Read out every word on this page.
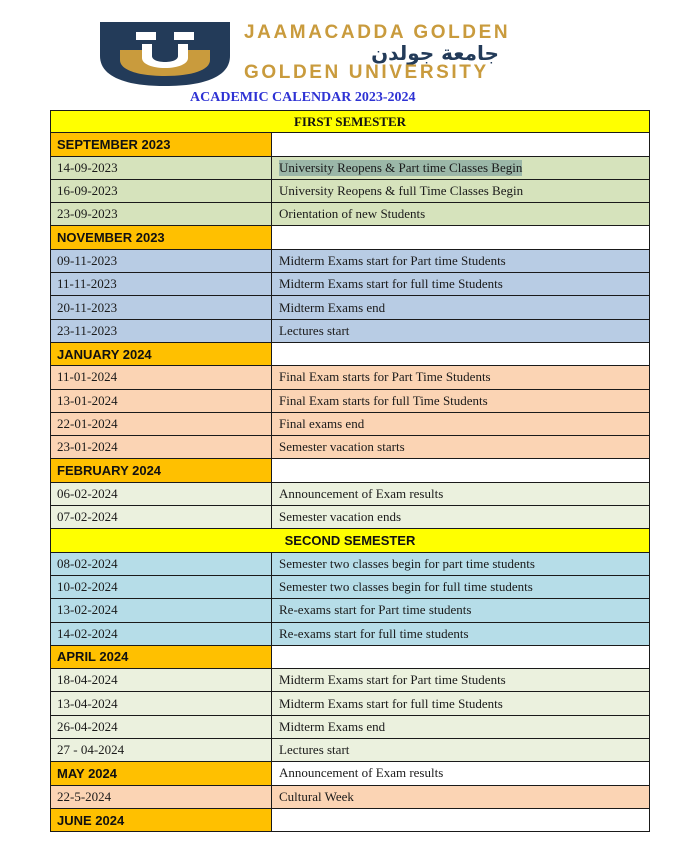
JAAMACADDA GOLDEN
جامعة جولدن
GOLDEN UNIVERSITY
ACADEMIC CALENDAR 2023-2024
FIRST SEMESTER
SEPTEMBER 2023
14-09-2023	University Reopens & Part time Classes Begin
16-09-2023	University Reopens & full Time Classes Begin
23-09-2023	Orientation of new Students
NOVEMBER 2023
09-11-2023	Midterm Exams start for Part time Students
11-11-2023	Midterm Exams start for full time Students
20-11-2023	Midterm Exams end
23-11-2023	Lectures start
JANUARY 2024
11-01-2024	Final Exam starts for Part Time Students
13-01-2024	Final Exam starts for full Time Students
22-01-2024	Final exams end
23-01-2024	Semester vacation starts
FEBRUARY 2024
06-02-2024	Announcement of Exam results
07-02-2024	Semester vacation ends
SECOND SEMESTER
08-02-2024	Semester two classes begin for part time students
10-02-2024	Semester two classes begin for full time students
13-02-2024	Re-exams start for Part time students
14-02-2024	Re-exams start for full time students
APRIL 2024
18-04-2024	Midterm Exams start for Part time Students
13-04-2024	Midterm Exams start for full time Students
26-04-2024	Midterm Exams end
27 - 04-2024	Lectures start
MAY 2024	Announcement of Exam results
22-5-2024	Cultural Week
JUNE 2024
